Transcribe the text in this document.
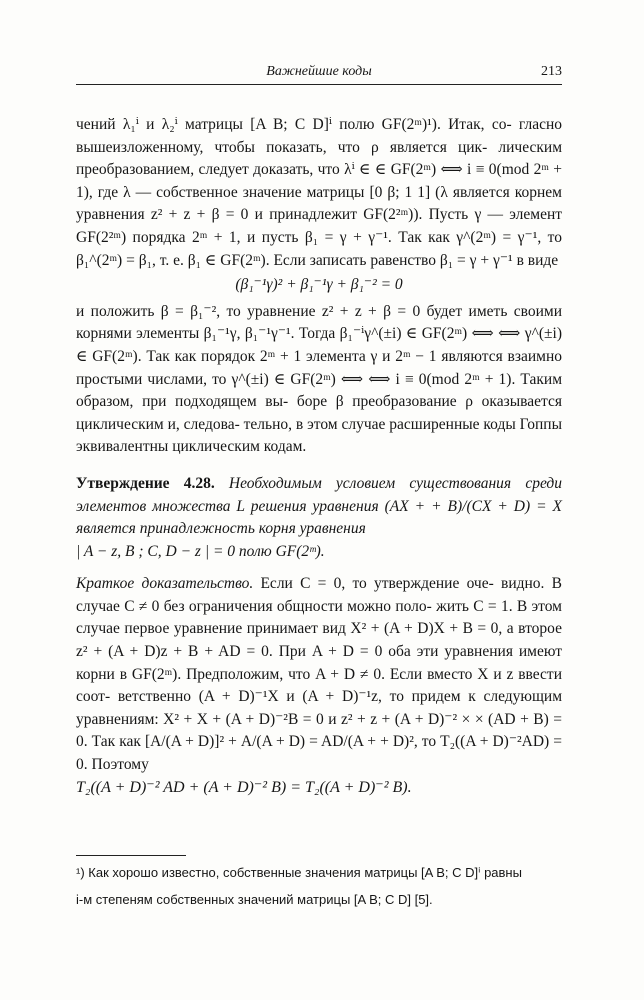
Важнейшие коды	213

чений λ₁ⁱ и λ₂ⁱ матрицы [A B; C D]ⁱ полю GF(2ᵐ)¹). Итак, со- гласно вышеизложенному, чтобы показать, что ρ является цик- лическим преобразованием, следует доказать, что λⁱ ∈ ∈ GF(2ᵐ) ⟺ i ≡ 0(mod 2ᵐ + 1), где λ — собственное значение матрицы [0 β; 1 1] (λ является корнем уравнения z² + z + β = 0 и принадлежит GF(2²ᵐ)). Пусть γ — элемент GF(2²ᵐ) порядка 2ᵐ + 1, и пусть β₁ = γ + γ⁻¹. Так как γ^(2ᵐ) = γ⁻¹, то β₁^(2ᵐ) = β₁, т. е. β₁ ∈ GF(2ᵐ). Если записать равенство β₁ = γ + γ⁻¹ в виде

(β₁⁻¹γ)² + β₁⁻¹γ + β₁⁻² = 0

и положить β = β₁⁻², то уравнение z² + z + β = 0 будет иметь своими корнями элементы β₁⁻¹γ, β₁⁻¹γ⁻¹. Тогда β₁⁻ⁱγ^(±i) ∈ GF(2ᵐ) ⟺ ⟺ γ^(±i) ∈ GF(2ᵐ). Так как порядок 2ᵐ + 1 элемента γ и 2ᵐ − 1 являются взаимно простыми числами, то γ^(±i) ∈ GF(2ᵐ) ⟺ ⟺ i ≡ 0(mod 2ᵐ + 1). Таким образом, при подходящем вы- боре β преобразование ρ оказывается циклическим и, следова- тельно, в этом случае расширенные коды Гоппы эквивалентны циклическим кодам.

Утверждение 4.28. Необходимым условием существования среди элементов множества L решения уравнения (AX + + B)/(CX + D) = X является принадлежность корня уравнения

| A − z, B ; C, D − z | = 0 полю GF(2ᵐ).

Краткое доказательство. Если C = 0, то утверждение оче- видно. В случае C ≠ 0 без ограничения общности можно поло- жить C = 1. В этом случае первое уравнение принимает вид X² + (A + D)X + B = 0, а второе z² + (A + D)z + B + AD = 0. При A + D = 0 оба эти уравнения имеют корни в GF(2ᵐ). Предположим, что A + D ≠ 0. Если вместо X и z ввести соот- ветственно (A + D)⁻¹X и (A + D)⁻¹z, то придем к следующим уравнениям: X² + X + (A + D)⁻²B = 0 и z² + z + (A + D)⁻² × × (AD + B) = 0. Так как [A/(A + D)]² + A/(A + D) = AD/(A + + D)², то T₂((A + D)⁻²AD) = 0. Поэтому

T₂((A + D)⁻² AD + (A + D)⁻² B) = T₂((A + D)⁻² B).

¹) Как хорошо известно, собственные значения матрицы [A B; C D]ⁱ равны

i-м степеням собственных значений матрицы [A B; C D] [5].
